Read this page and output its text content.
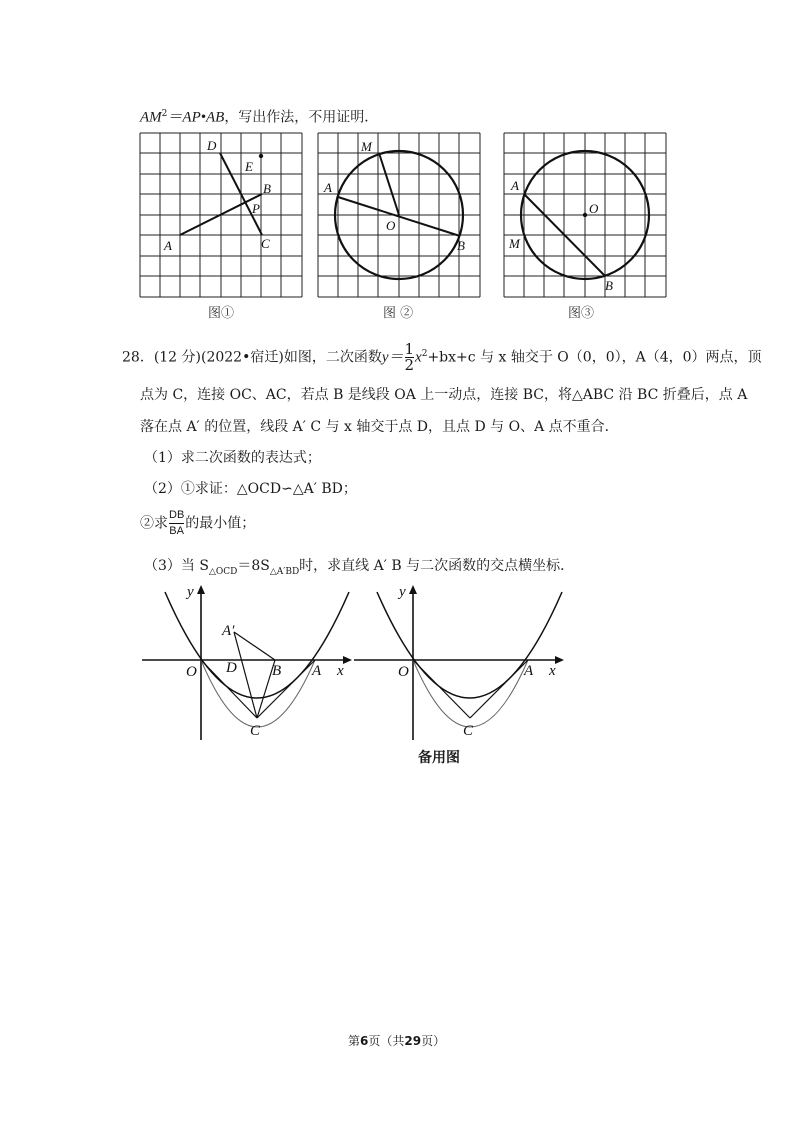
$AM^2=AP•AB$，写出作法，不用证明．
D
E
B
P
A	C
图①
M
A
O
B
图 ②
A
O
M
B
图③
28．(12 分)(2022•宿迁)如图，二次函数$y= \frac{1}{2} x^2+bx+c$ 与 x 轴交于 O（0，0），A（4，0）两点，顶
点为 C，连接 OC、AC，若点 B 是线段 OA 上一动点，连接 BC，将△ABC 沿 BC 折叠后，点 A
落在点 A′ 的位置，线段 A′ C 与 x 轴交于点 D，且点 D 与 O、A 点不重合．
（1）求二次函数的表达式；
（2）①求证：△OCD∽△A′ BD；
②求 $\frac{DB}{BA}$ 的最小值；
（3）当 $S_{\triangle OCD}=8S_{\triangle A'BD}$时，求直线 A′ B 与二次函数的交点横坐标．
y
x
O
A′
D B A
C
y
x
O	A
C
备用图
第6页（共29页）
